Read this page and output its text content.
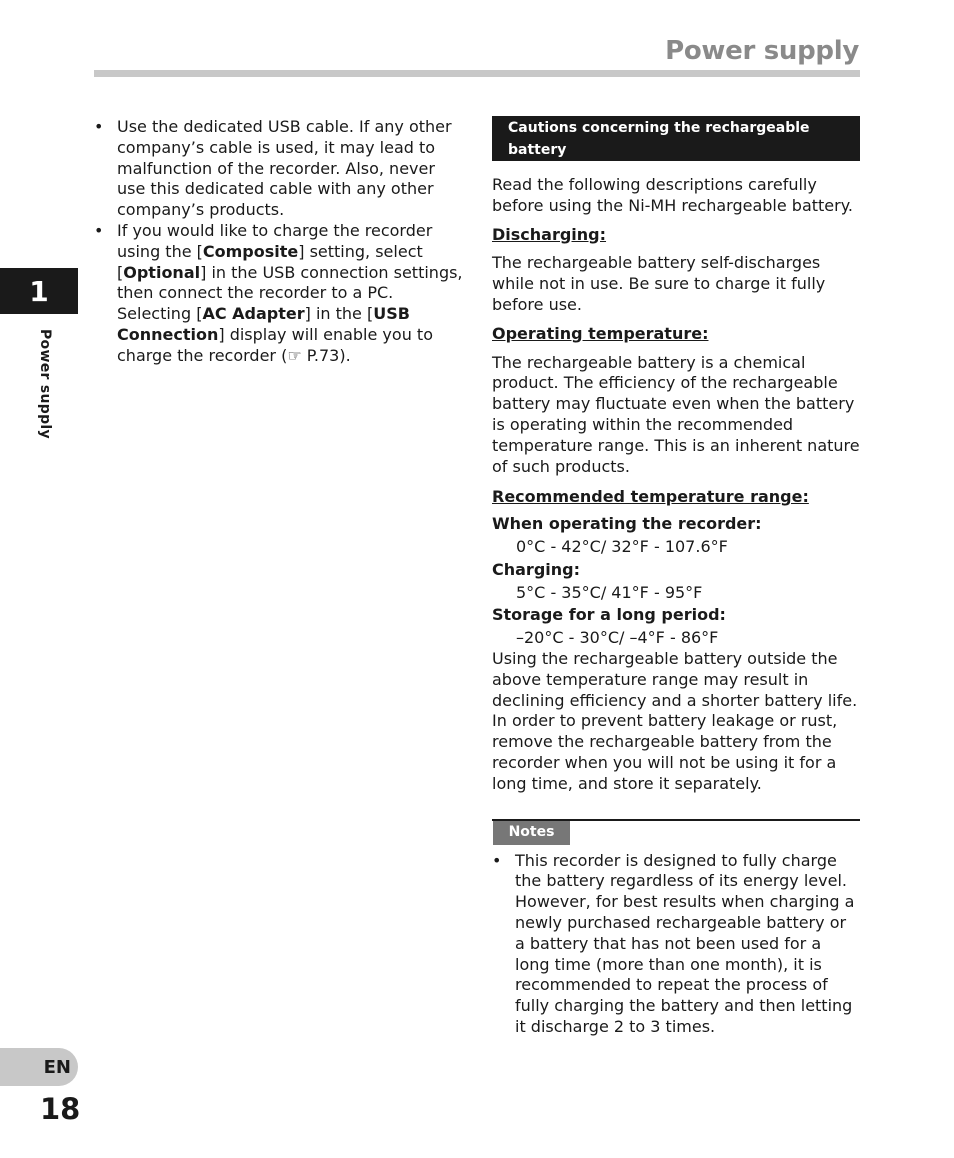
Power supply
1
Power supply
EN
18
• Use the dedicated USB cable. If any other company’s cable is used, it may lead to malfunction of the recorder. Also, never use this dedicated cable with any other company’s products.
• If you would like to charge the recorder using the [Composite] setting, select [Optional] in the USB connection settings, then connect the recorder to a PC. Selecting [AC Adapter] in the [USB Connection] display will enable you to charge the recorder (☞ P.73).
Cautions concerning the rechargeable battery

Read the following descriptions carefully before using the Ni-MH rechargeable battery.

Discharging:

The rechargeable battery self-discharges while not in use. Be sure to charge it fully before use.

Operating temperature:

The rechargeable battery is a chemical product. The efficiency of the rechargeable battery may fluctuate even when the battery is operating within the recommended temperature range. This is an inherent nature of such products.

Recommended temperature range:

When operating the recorder:

0°C - 42°C/ 32°F - 107.6°F

Charging:

5°C - 35°C/ 41°F - 95°F

Storage for a long period:

–20°C - 30°C/ –4°F - 86°F

Using the rechargeable battery outside the above temperature range may result in declining efficiency and a shorter battery life. In order to prevent battery leakage or rust, remove the rechargeable battery from the recorder when you will not be using it for a long time, and store it separately.

Notes
• This recorder is designed to fully charge the battery regardless of its energy level. However, for best results when charging a newly purchased rechargeable battery or a battery that has not been used for a long time (more than one month), it is recommended to repeat the process of fully charging the battery and then letting it discharge 2 to 3 times.
